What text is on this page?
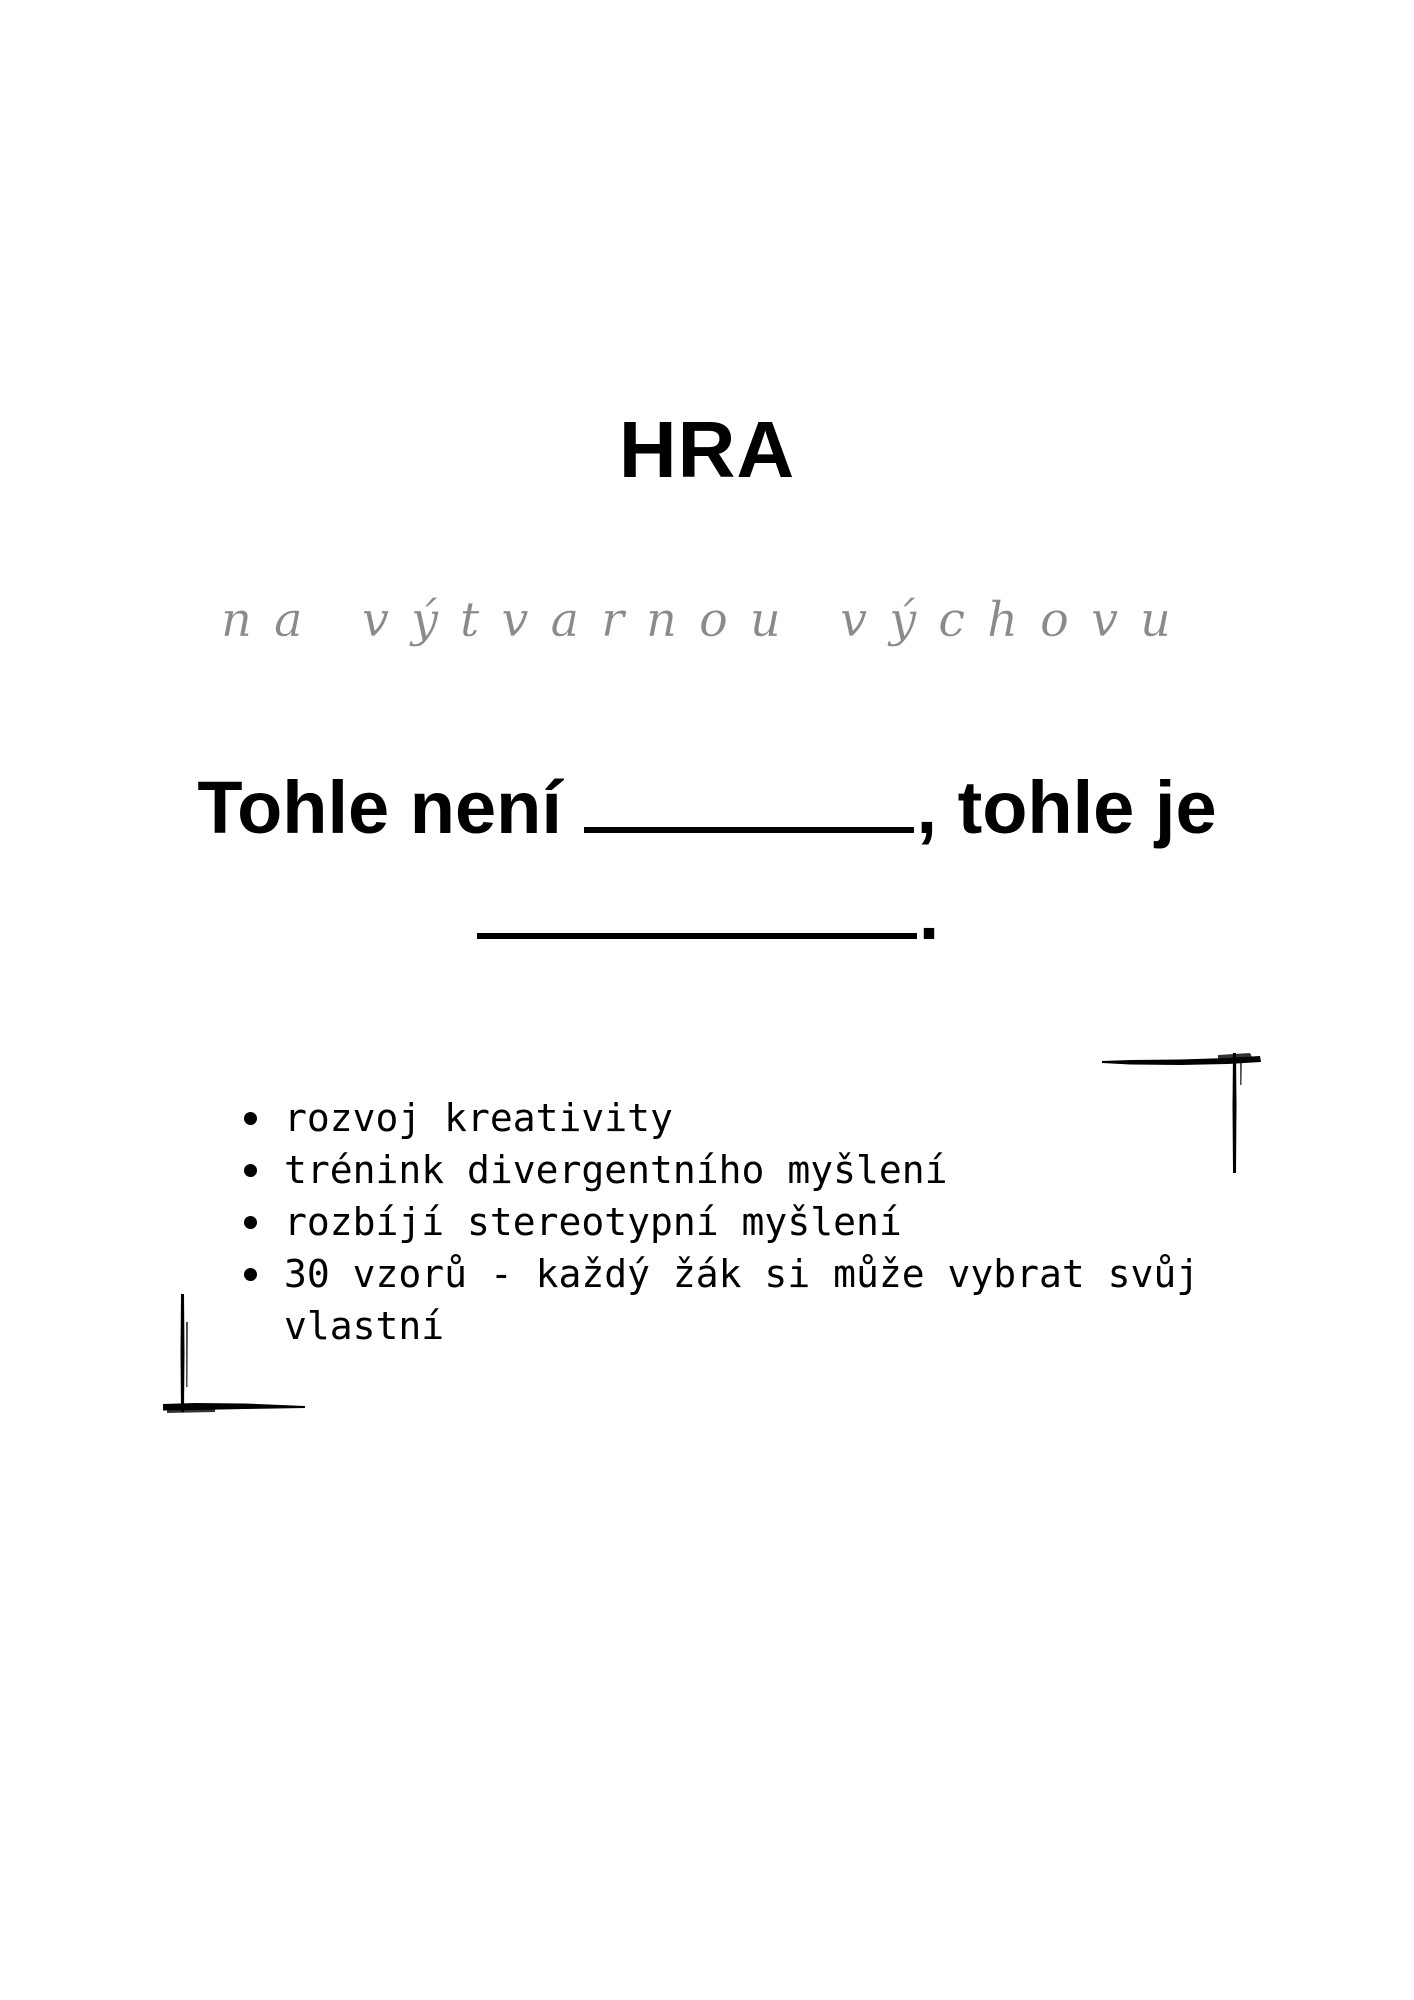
HRA

na výtvarnou výchovu

Tohle není	, tohle je
.
rozvoj kreativity
trénink divergentního myšlení
rozbíjí stereotypní myšlení
30 vzorů - každý žák si může vybrat svůj vlastní
